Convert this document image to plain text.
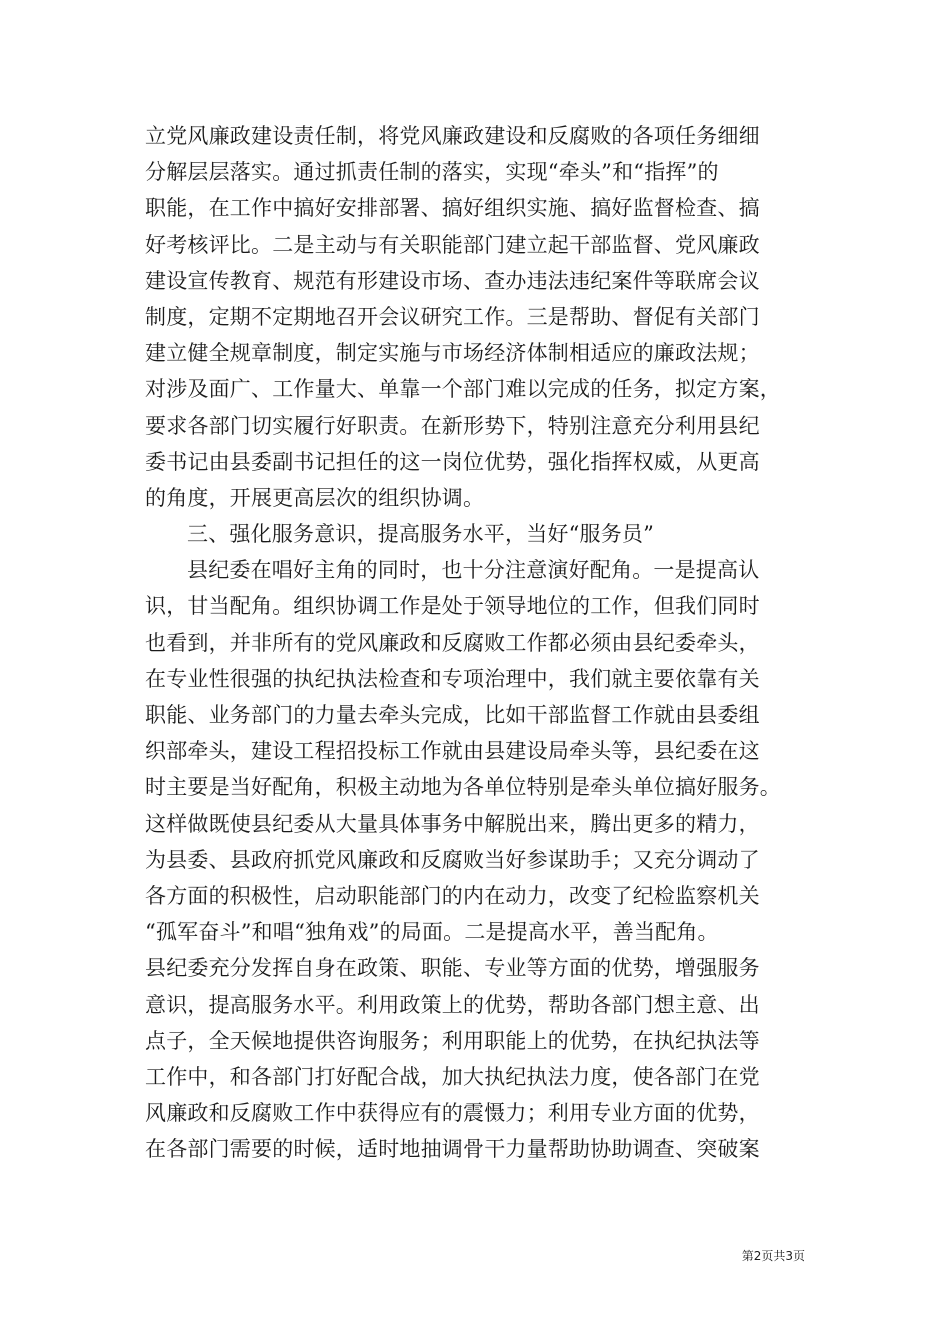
立党风廉政建设责任制，将党风廉政建设和反腐败的各项任务细细
分解层层落实。通过抓责任制的落实，实现“牵头”和“指挥”的
职能，在工作中搞好安排部署、搞好组织实施、搞好监督检查、搞
好考核评比。二是主动与有关职能部门建立起干部监督、党风廉政
建设宣传教育、规范有形建设市场、查办违法违纪案件等联席会议
制度，定期不定期地召开会议研究工作。三是帮助、督促有关部门
建立健全规章制度，制定实施与市场经济体制相适应的廉政法规；
对涉及面广、工作量大、单靠一个部门难以完成的任务，拟定方案，
要求各部门切实履行好职责。在新形势下，特别注意充分利用县纪
委书记由县委副书记担任的这一岗位优势，强化指挥权威，从更高
的角度，开展更高层次的组织协调。
三、强化服务意识，提高服务水平，当好“服务员”
县纪委在唱好主角的同时，也十分注意演好配角。一是提高认
识，甘当配角。组织协调工作是处于领导地位的工作，但我们同时
也看到，并非所有的党风廉政和反腐败工作都必须由县纪委牵头，
在专业性很强的执纪执法检查和专项治理中，我们就主要依靠有关
职能、业务部门的力量去牵头完成，比如干部监督工作就由县委组
织部牵头，建设工程招投标工作就由县建设局牵头等，县纪委在这
时主要是当好配角，积极主动地为各单位特别是牵头单位搞好服务。
这样做既使县纪委从大量具体事务中解脱出来，腾出更多的精力，
为县委、县政府抓党风廉政和反腐败当好参谋助手；又充分调动了
各方面的积极性，启动职能部门的内在动力，改变了纪检监察机关
“孤军奋斗”和唱“独角戏”的局面。二是提高水平，善当配角。
县纪委充分发挥自身在政策、职能、专业等方面的优势，增强服务
意识，提高服务水平。利用政策上的优势，帮助各部门想主意、出
点子，全天候地提供咨询服务；利用职能上的优势，在执纪执法等
工作中，和各部门打好配合战，加大执纪执法力度，使各部门在党
风廉政和反腐败工作中获得应有的震慑力；利用专业方面的优势，
在各部门需要的时候，适时地抽调骨干力量帮助协助调查、突破案
第2页共3页
